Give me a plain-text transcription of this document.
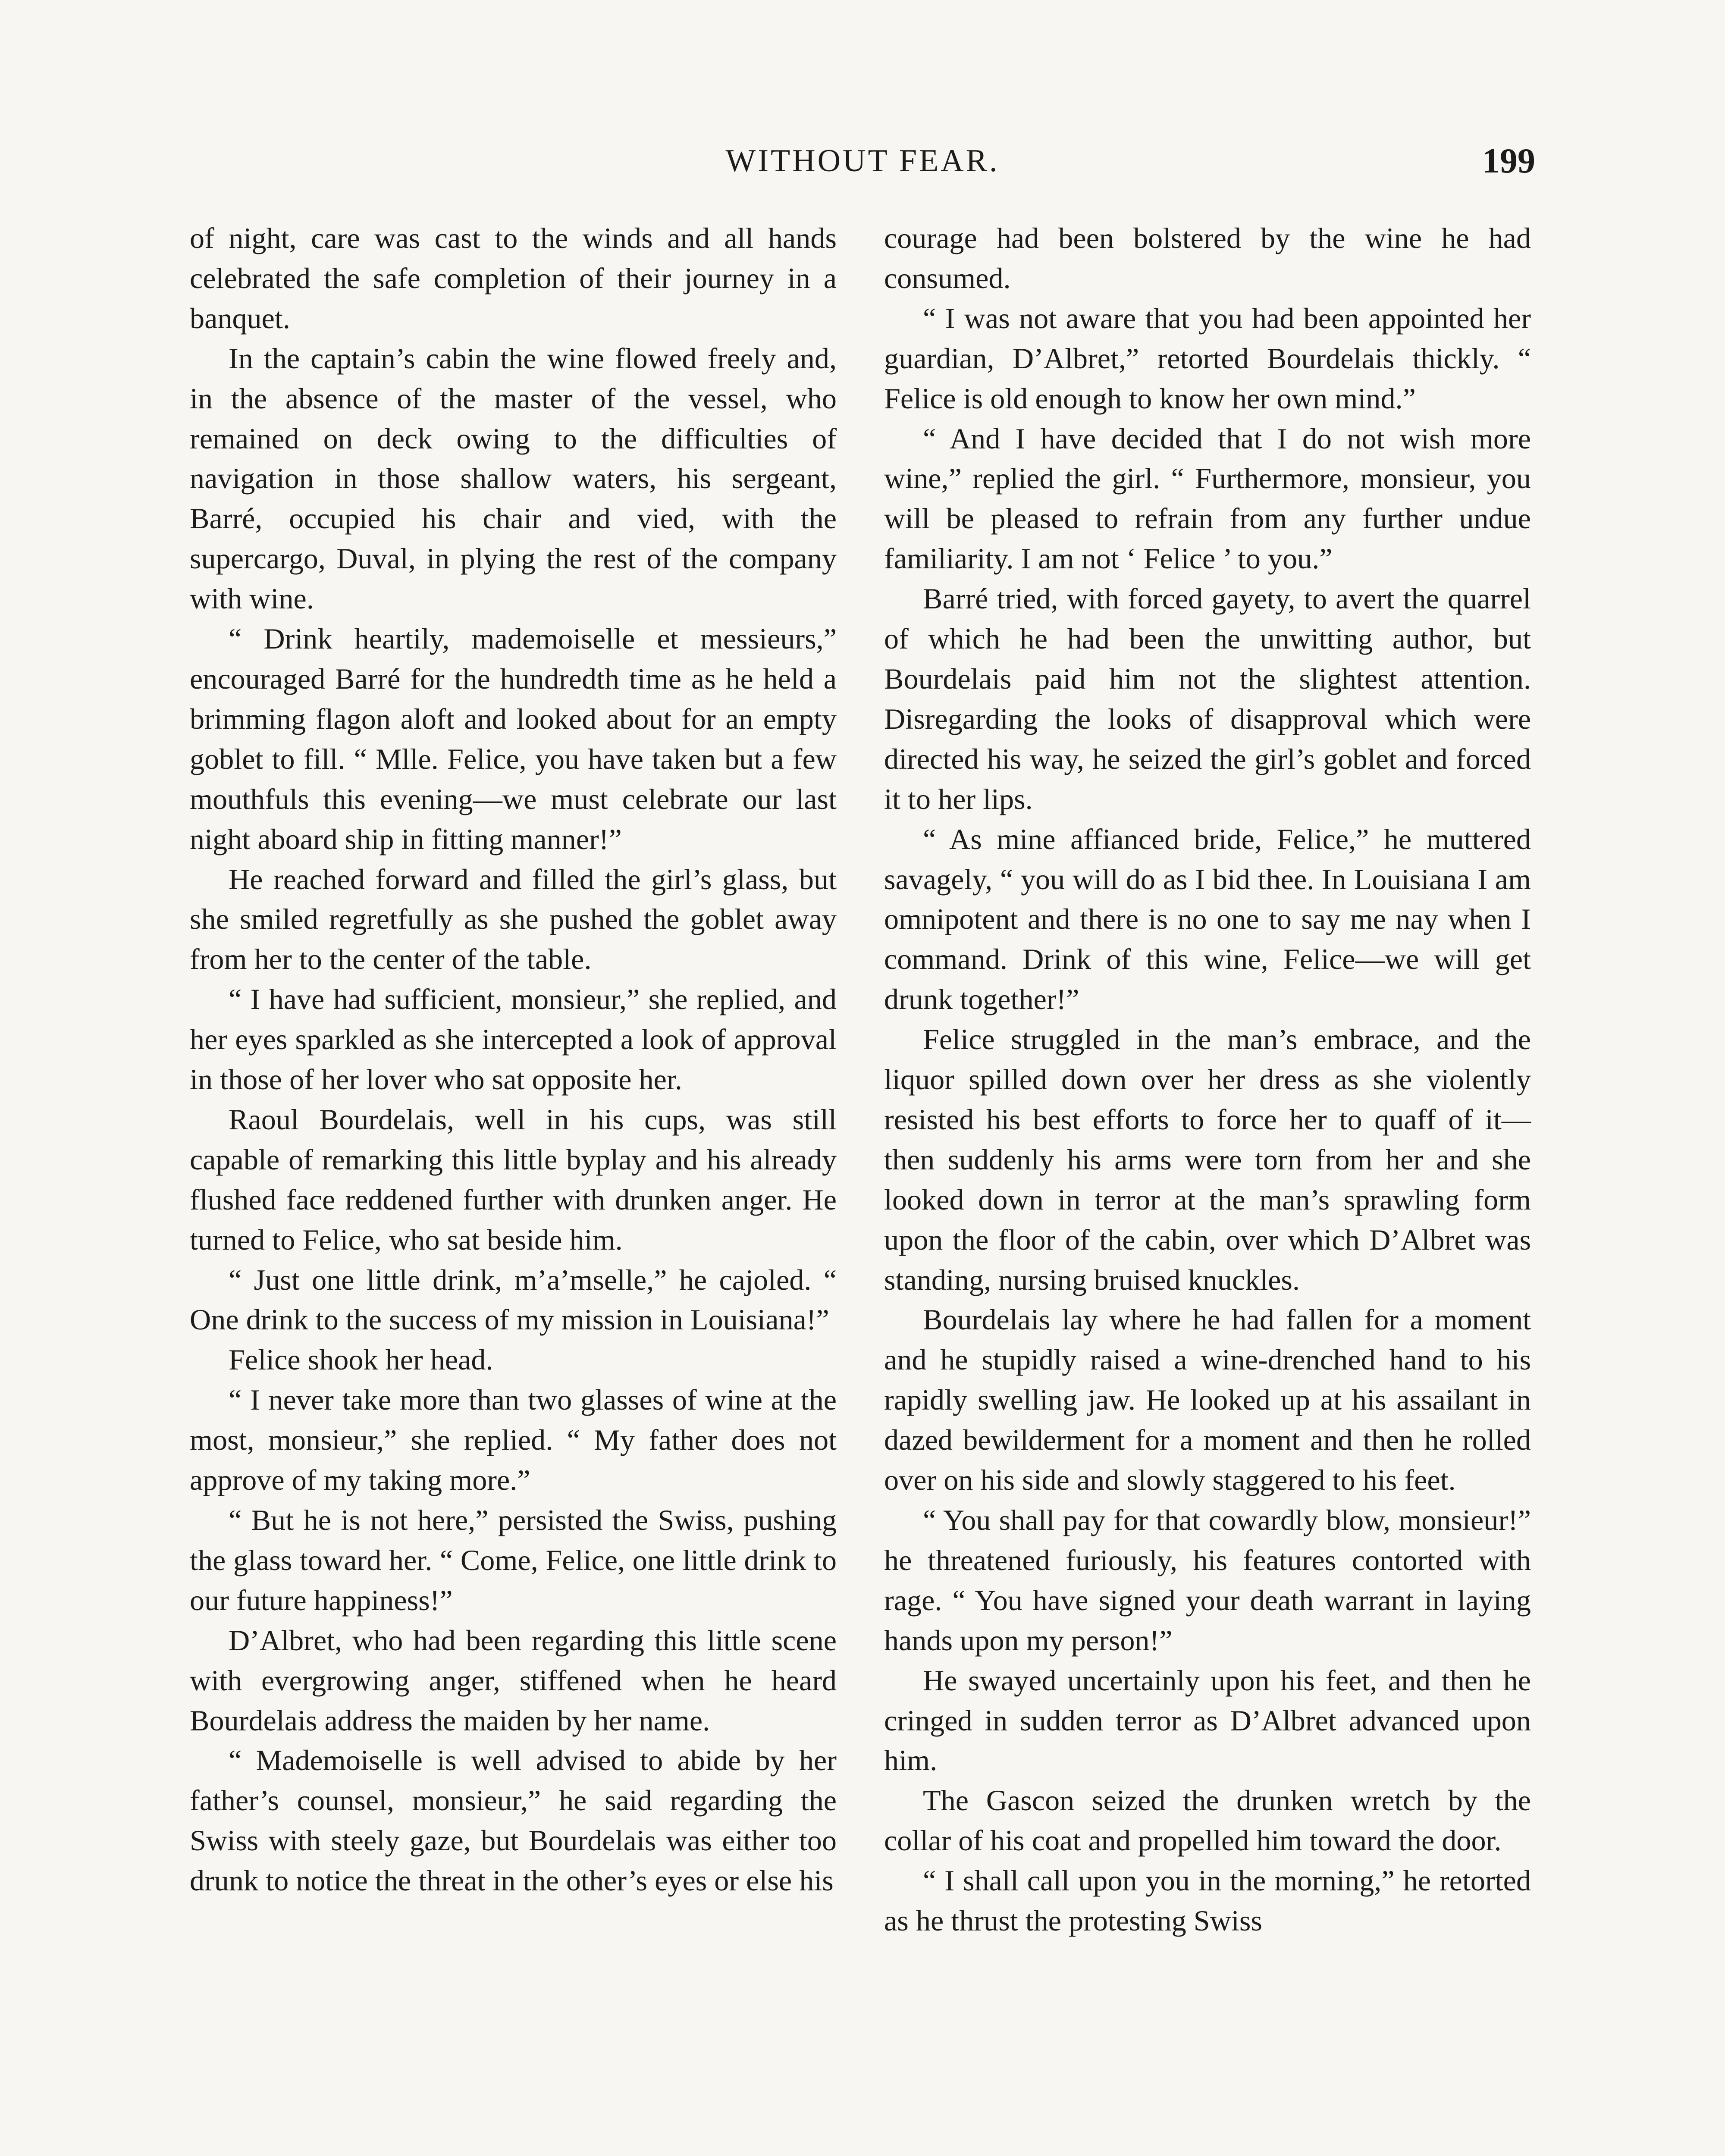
WITHOUT FEAR.	199

of night, care was cast to the winds and all hands celebrated the safe completion of their journey in a banquet.

In the captain’s cabin the wine flowed freely and, in the absence of the master of the vessel, who remained on deck owing to the difficulties of navigation in those shallow waters, his sergeant, Barré, occupied his chair and vied, with the supercargo, Duval, in plying the rest of the company with wine.

“ Drink heartily, mademoiselle et messieurs,” encouraged Barré for the hundredth time as he held a brimming flagon aloft and looked about for an empty goblet to fill. “ Mlle. Felice, you have taken but a few mouthfuls this evening—we must celebrate our last night aboard ship in fitting manner!”

He reached forward and filled the girl’s glass, but she smiled regretfully as she pushed the goblet away from her to the center of the table.

“ I have had sufficient, monsieur,” she replied, and her eyes sparkled as she intercepted a look of approval in those of her lover who sat opposite her.

Raoul Bourdelais, well in his cups, was still capable of remarking this little byplay and his already flushed face reddened further with drunken anger. He turned to Felice, who sat beside him.

“ Just one little drink, m’a’mselle,” he cajoled. “ One drink to the success of my mission in Louisiana!”

Felice shook her head.

“ I never take more than two glasses of wine at the most, monsieur,” she replied. “ My father does not approve of my taking more.”

“ But he is not here,” persisted the Swiss, pushing the glass toward her. “ Come, Felice, one little drink to our future happiness!”

D’Albret, who had been regarding this little scene with evergrowing anger, stiffened when he heard Bourdelais address the maiden by her name.

“ Mademoiselle is well advised to abide by her father’s counsel, monsieur,” he said regarding the Swiss with steely gaze, but Bourdelais was either too drunk to notice the threat in the other’s eyes or else his

courage had been bolstered by the wine he had consumed.

“ I was not aware that you had been appointed her guardian, D’Albret,” retorted Bourdelais thickly. “ Felice is old enough to know her own mind.”

“ And I have decided that I do not wish more wine,” replied the girl. “ Furthermore, monsieur, you will be pleased to refrain from any further undue familiarity. I am not ‘ Felice ’ to you.”

Barré tried, with forced gayety, to avert the quarrel of which he had been the unwitting author, but Bourdelais paid him not the slightest attention. Disregarding the looks of disapproval which were directed his way, he seized the girl’s goblet and forced it to her lips.

“ As mine affianced bride, Felice,” he muttered savagely, “ you will do as I bid thee. In Louisiana I am omnipotent and there is no one to say me nay when I command. Drink of this wine, Felice—we will get drunk together!”

Felice struggled in the man’s embrace, and the liquor spilled down over her dress as she violently resisted his best efforts to force her to quaff of it—then suddenly his arms were torn from her and she looked down in terror at the man’s sprawling form upon the floor of the cabin, over which D’Albret was standing, nursing bruised knuckles.

Bourdelais lay where he had fallen for a moment and he stupidly raised a wine-drenched hand to his rapidly swelling jaw. He looked up at his assailant in dazed bewilderment for a moment and then he rolled over on his side and slowly staggered to his feet.

“ You shall pay for that cowardly blow, monsieur!” he threatened furiously, his features contorted with rage. “ You have signed your death warrant in laying hands upon my person!”

He swayed uncertainly upon his feet, and then he cringed in sudden terror as D’Albret advanced upon him.

The Gascon seized the drunken wretch by the collar of his coat and propelled him toward the door.

“ I shall call upon you in the morning,” he retorted as he thrust the protesting Swiss
